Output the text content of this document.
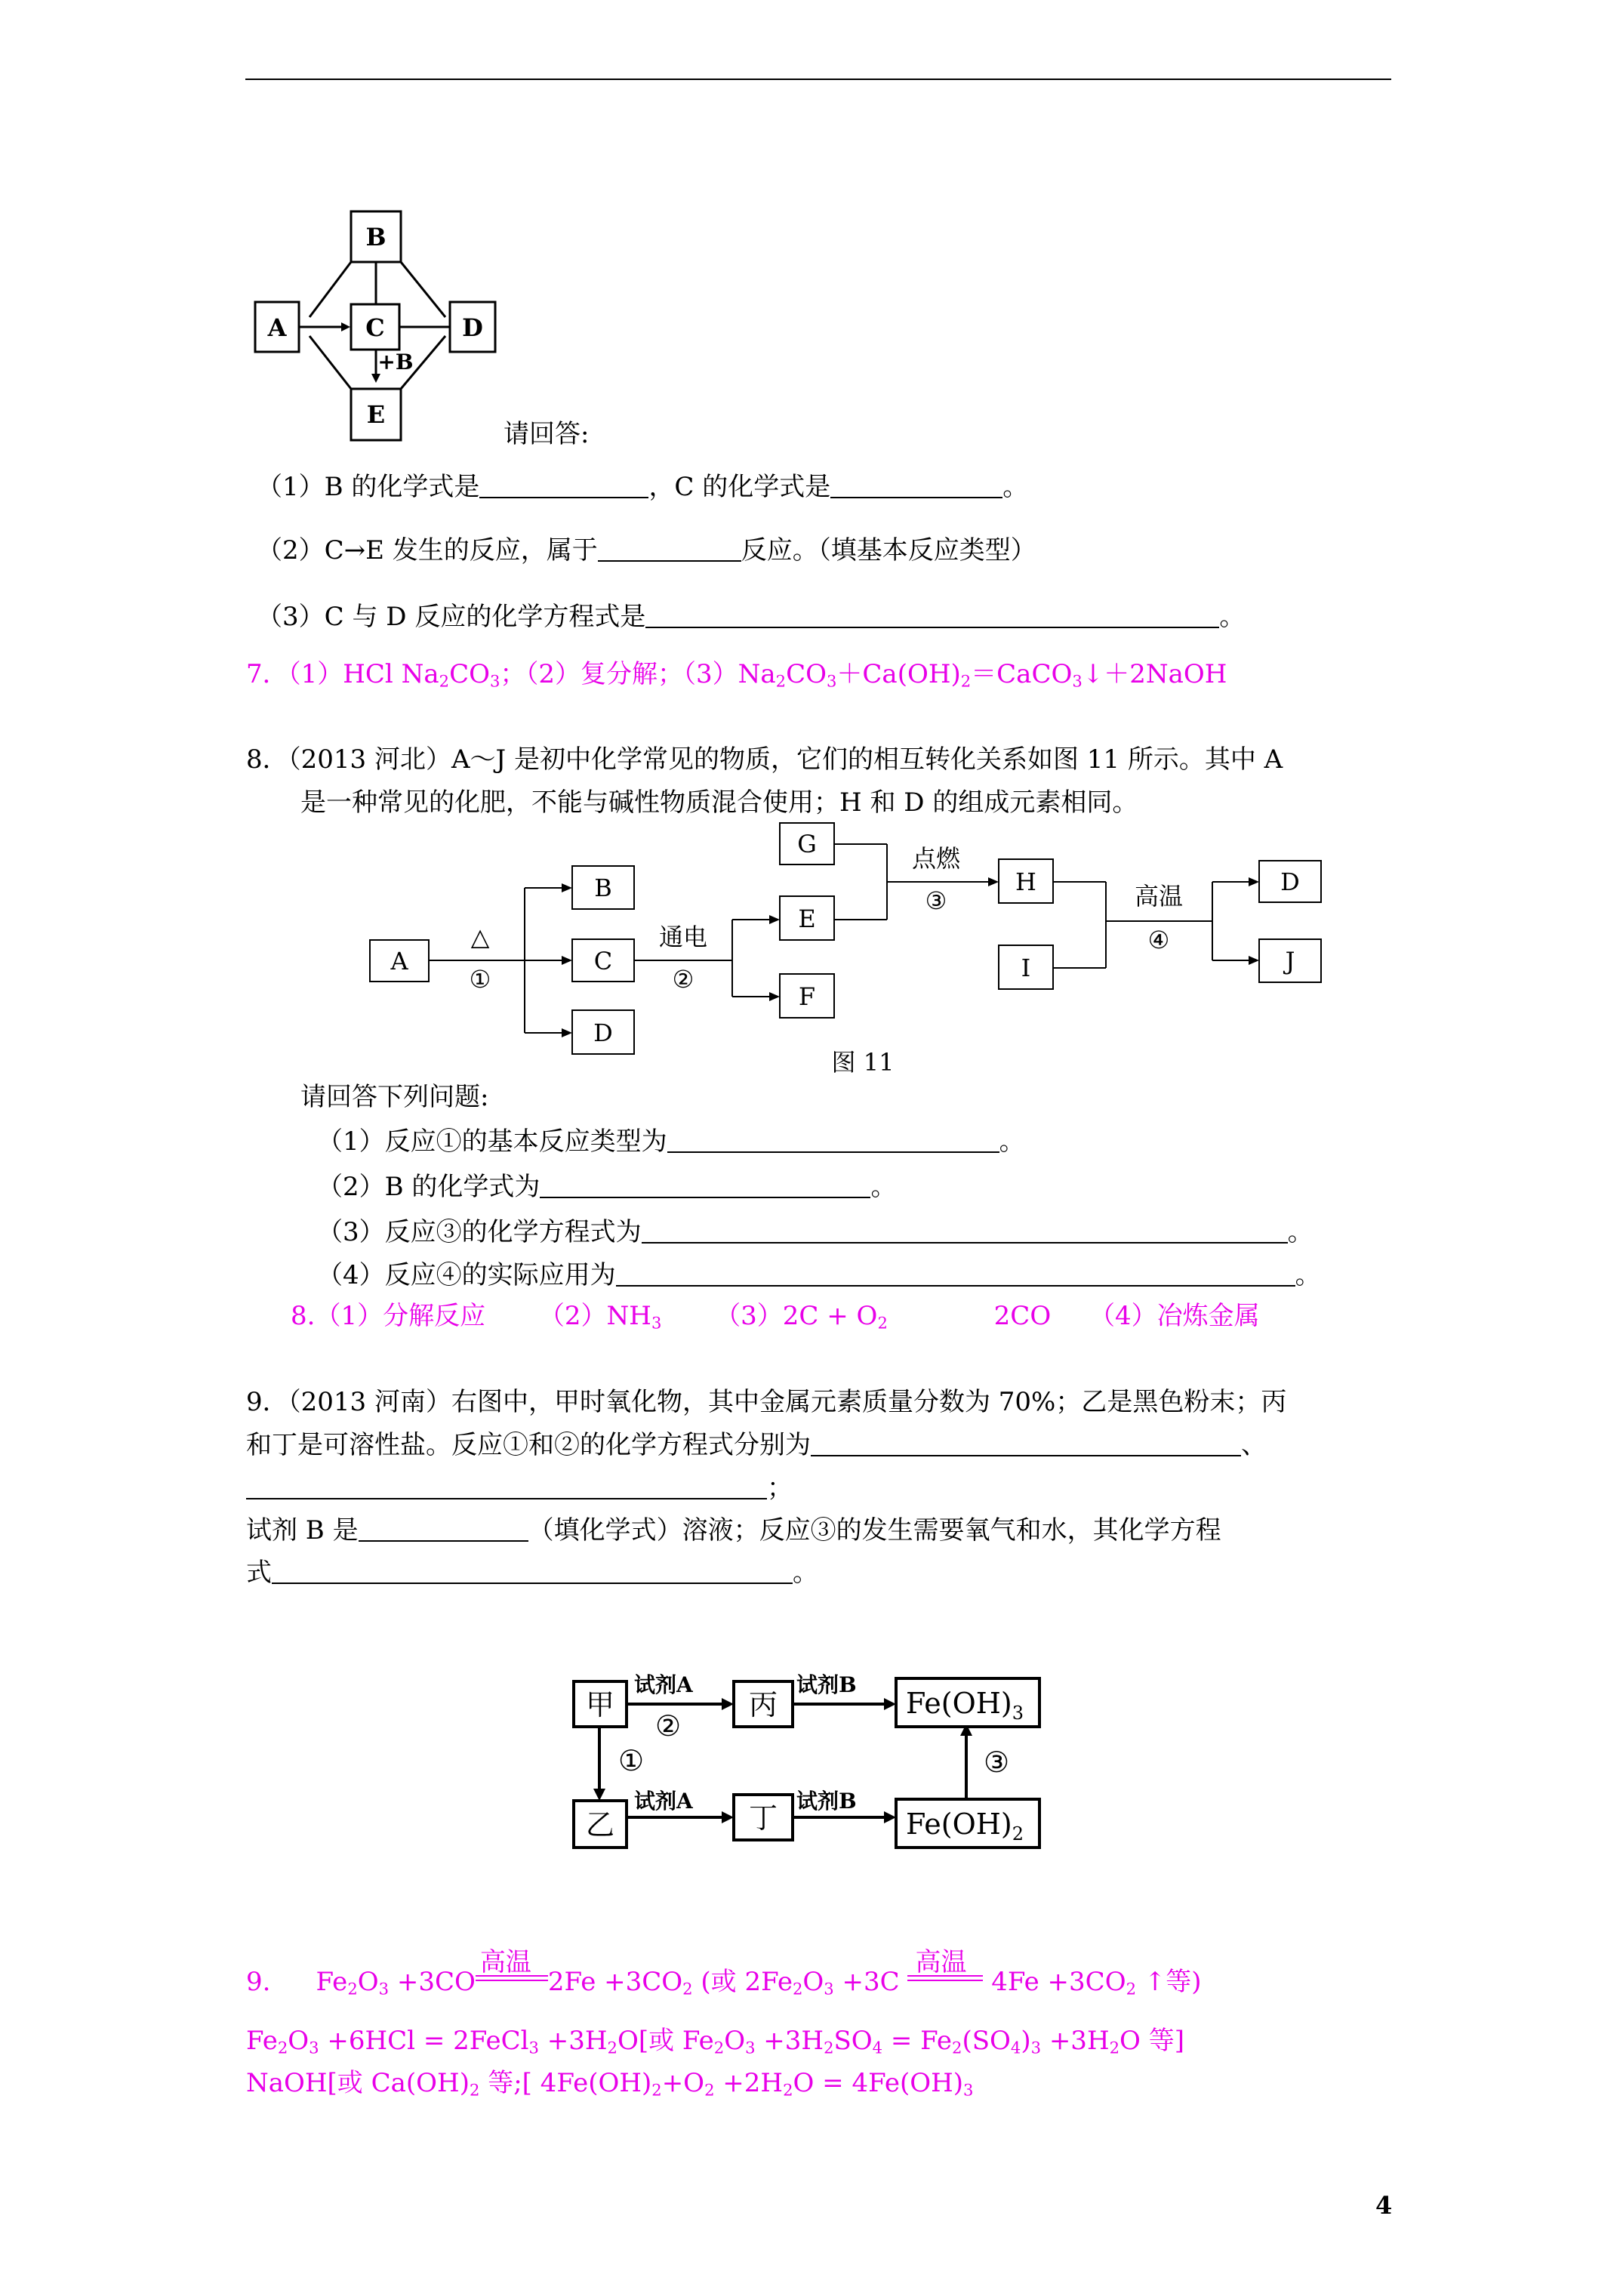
B
A	C	D
E
+B
请回答:
（1）B 的化学式是	，C 的化学式是	。
（2）C→E 发生的反应，属于	反应。（填基本反应类型）
（3）C 与 D 反应的化学方程式是	。
7．（1）HCl $Na_2CO_3$；（2）复分解；$(3)Na_2CO_3+Ca(OH)_2=CaCO_3↓+2NaOH$
8．（2013 河北）A～J 是初中化学常见的物质，它们的相互转化关系如图 11 所示。其中 A
是一种常见的化肥，不能与碱性物质混合使用；H 和 D 的组成元素相同。
A
B
C
D
G
E
F
H
I
D
J
△
①
通电
②
点燃
③	高温
④
图 11
请回答下列问题:
（1）反应①的基本反应类型为	。
（2）B 的化学式为	。
（3）反应③的化学方程式为	。
（4）反应④的实际应用为	。
8.（1）分解反应 $(2)NH_3$ $(3)2C + O_2$	2CO （4）冶炼金属
9．（2013 河南）右图中，甲时氧化物，其中金属元素质量分数为 70%；乙是黑色粉末；丙
和丁是可溶性盐。反应①和②的化学方程式分别为	、
；
试剂 B 是	（填化学式）溶液；反应③的发生需要氧气和水，其化学方程
式	。
甲	丙
乙	丁
$Fe(OH)_3$
$Fe(OH)_2$
试剂A	试剂B
试剂A	试剂B
②
①	③
9. $Fe_2O_3 +3CO$
高温
$2Fe +3CO_2$ (或 $2Fe_2O_3 +3C$
高温
$4Fe +3CO_2$ ↑等)
$Fe_2O_3 +6HCl$ = 2FeCl$_3$ $+3H_2O$[或 $Fe_2O_3 +3H_2SO_4 = Fe_2(SO_4)_3 +3H_2O$ 等]
NaOH[或 $Ca(OH)_2$ 等;[ $4Fe(OH)_2+O_2 +2H_2O = 4Fe(OH)_3$
4
